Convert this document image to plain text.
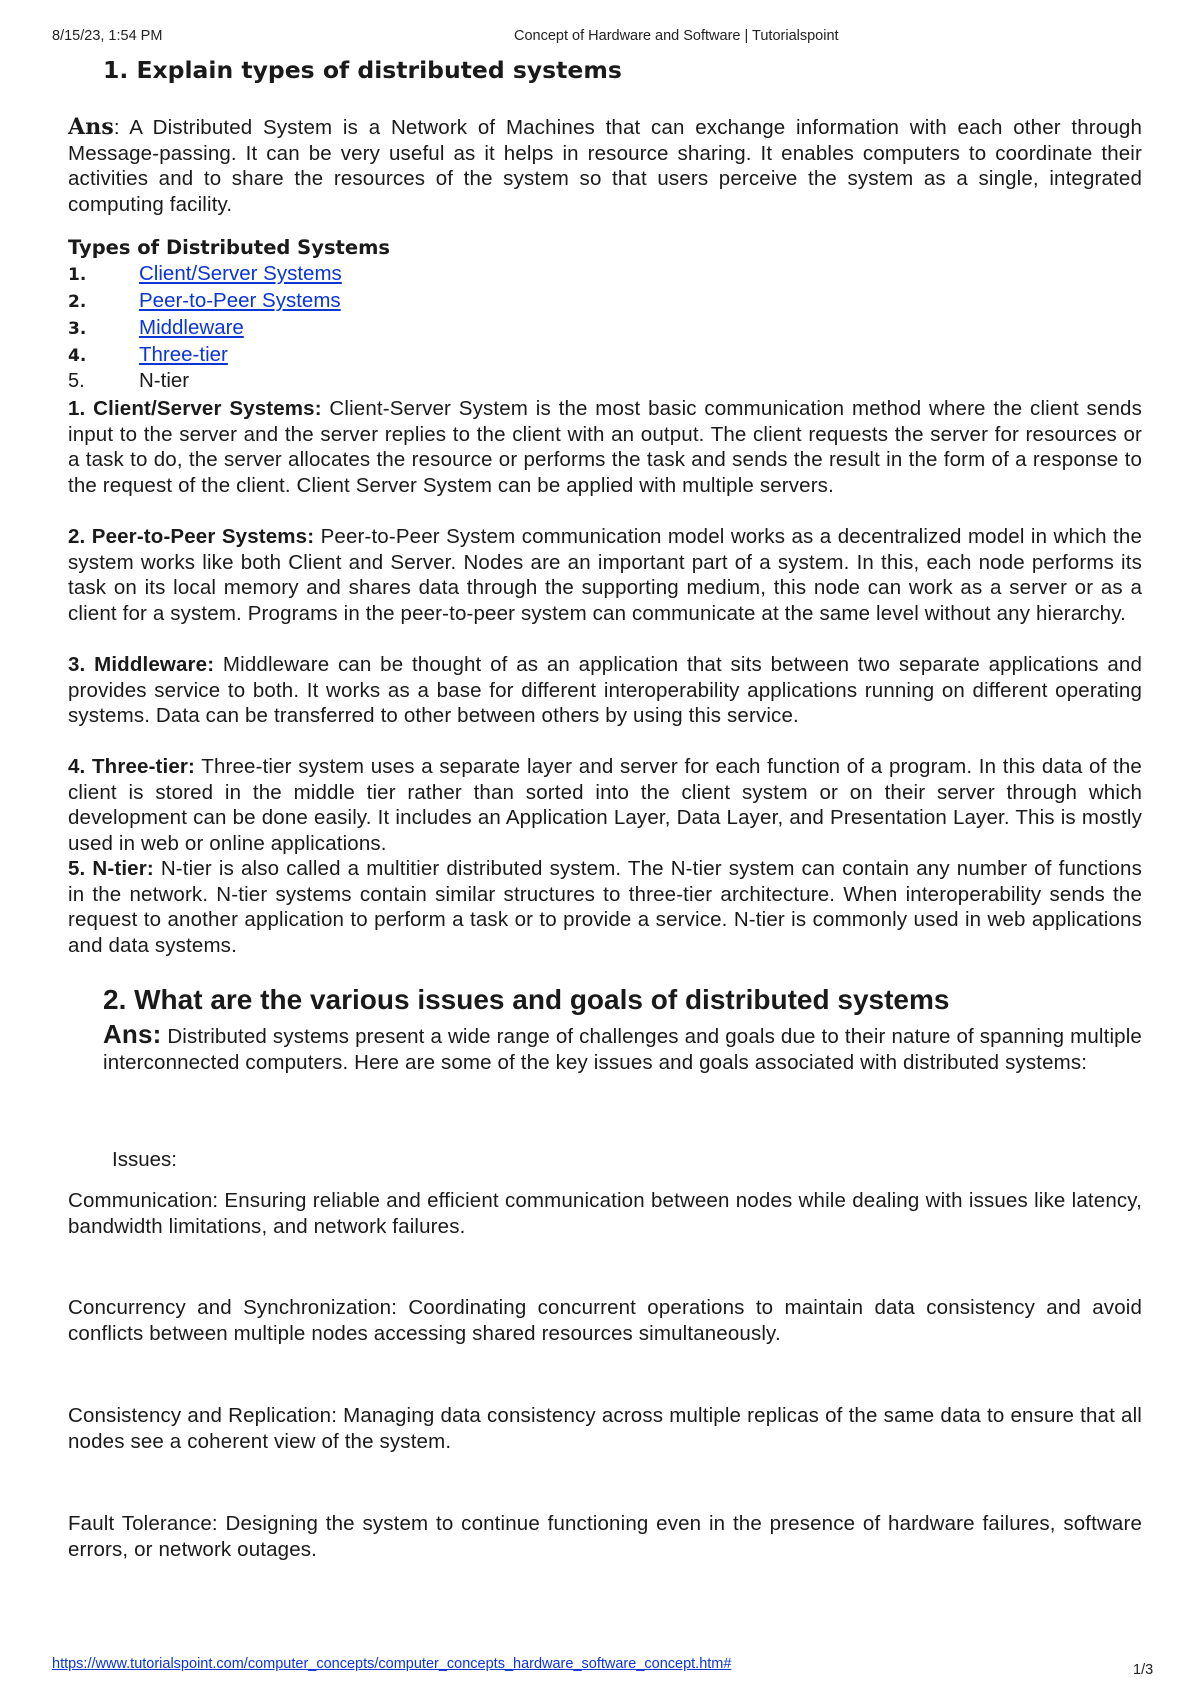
8/15/23, 1:54 PM	Concept of Hardware and Software | Tutorialspoint
1. Explain types of distributed systems
Ans: A Distributed System is a Network of Machines that can exchange information with each other through Message-passing. It can be very useful as it helps in resource sharing. It enables computers to coordinate their activities and to share the resources of the system so that users perceive the system as a single, integrated computing facility.
Types of Distributed Systems
1.	Client/Server Systems
2.	Peer-to-Peer Systems
3.	Middleware
4.	Three-tier
5.	N-tier
1. Client/Server Systems: Client-Server System is the most basic communication method where the client sends input to the server and the server replies to the client with an output. The client requests the server for resources or a task to do, the server allocates the resource or performs the task and sends the result in the form of a response to the request of the client. Client Server System can be applied with multiple servers.
2. Peer-to-Peer Systems: Peer-to-Peer System communication model works as a decentralized model in which the system works like both Client and Server. Nodes are an important part of a system. In this, each node performs its task on its local memory and shares data through the supporting medium, this node can work as a server or as a client for a system. Programs in the peer-to-peer system can communicate at the same level without any hierarchy.
3. Middleware: Middleware can be thought of as an application that sits between two separate applications and provides service to both. It works as a base for different interoperability applications running on different operating systems. Data can be transferred to other between others by using this service.
4. Three-tier: Three-tier system uses a separate layer and server for each function of a program. In this data of the client is stored in the middle tier rather than sorted into the client system or on their server through which development can be done easily. It includes an Application Layer, Data Layer, and Presentation Layer. This is mostly used in web or online applications.
5. N-tier: N-tier is also called a multitier distributed system. The N-tier system can contain any number of functions in the network. N-tier systems contain similar structures to three-tier architecture. When interoperability sends the request to another application to perform a task or to provide a service. N-tier is commonly used in web applications and data systems.
2. What are the various issues and goals of distributed systems
Ans: Distributed systems present a wide range of challenges and goals due to their nature of spanning multiple interconnected computers. Here are some of the key issues and goals associated with distributed systems:
Issues:
Communication: Ensuring reliable and efficient communication between nodes while dealing with issues like latency, bandwidth limitations, and network failures.
Concurrency and Synchronization: Coordinating concurrent operations to maintain data consistency and avoid conflicts between multiple nodes accessing shared resources simultaneously.
Consistency and Replication: Managing data consistency across multiple replicas of the same data to ensure that all nodes see a coherent view of the system.
Fault Tolerance: Designing the system to continue functioning even in the presence of hardware failures, software errors, or network outages.
https://www.tutorialspoint.com/computer_concepts/computer_concepts_hardware_software_concept.htm#	1/3
